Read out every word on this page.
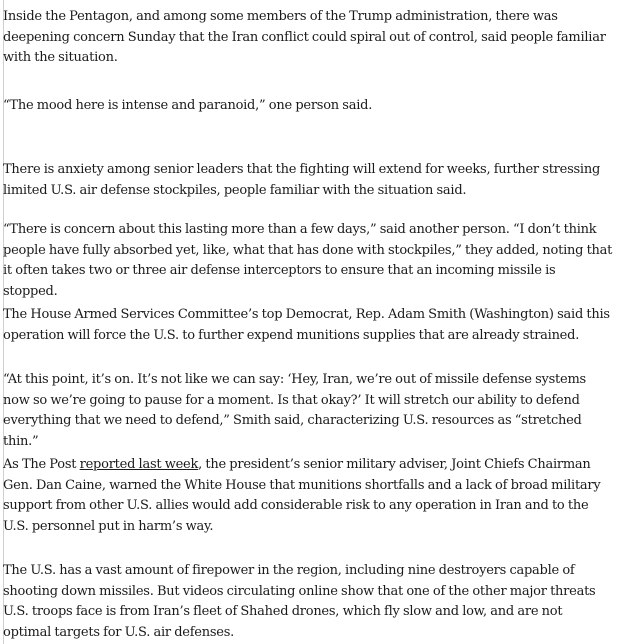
Inside the Pentagon, and among some members of the Trump administration, there was deepening concern Sunday that the Iran conflict could spiral out of control, said people familiar with the situation.

“The mood here is intense and paranoid,” one person said.

There is anxiety among senior leaders that the fighting will extend for weeks, further stressing limited U.S. air defense stockpiles, people familiar with the situation said.

“There is concern about this lasting more than a few days,” said another person. “I don’t think people have fully absorbed yet, like, what that has done with stockpiles,” they added, noting that it often takes two or three air defense interceptors to ensure that an incoming missile is stopped.

The House Armed Services Committee’s top Democrat, Rep. Adam Smith (Washington) said this operation will force the U.S. to further expend munitions supplies that are already strained.

“At this point, it’s on. It’s not like we can say: ‘Hey, Iran, we’re out of missile defense systems now so we’re going to pause for a moment. Is that okay?’ It will stretch our ability to defend everything that we need to defend,” Smith said, characterizing U.S. resources as “stretched thin.”

As The Post reported last week, the president’s senior military adviser, Joint Chiefs Chairman Gen. Dan Caine, warned the White House that munitions shortfalls and a lack of broad military support from other U.S. allies would add considerable risk to any operation in Iran and to the U.S. personnel put in harm’s way.

The U.S. has a vast amount of firepower in the region, including nine destroyers capable of shooting down missiles. But videos circulating online show that one of the other major threats U.S. troops face is from Iran’s fleet of Shahed drones, which fly slow and low, and are not optimal targets for U.S. air defenses.
